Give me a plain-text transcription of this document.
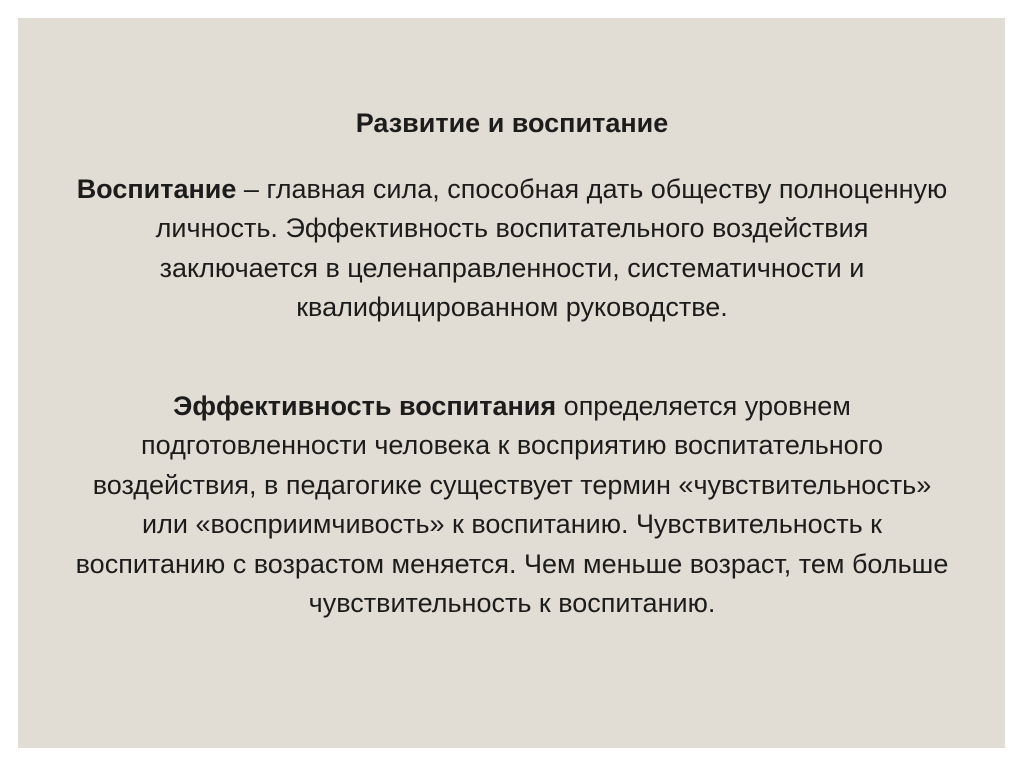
Развитие и воспитание
Воспитание – главная сила, способная дать обществу полноценную личность. Эффективность воспитательного воздействия заключается в целенаправленности, систематичности и квалифицированном руководстве.
Эффективность воспитания определяется уровнем подготовленности человека к восприятию воспитательного воздействия, в педагогике существует термин «чувствительность» или «восприимчивость» к воспитанию. Чувствительность к воспитанию с возрастом меняется. Чем меньше возраст, тем больше чувствительность к воспитанию.
